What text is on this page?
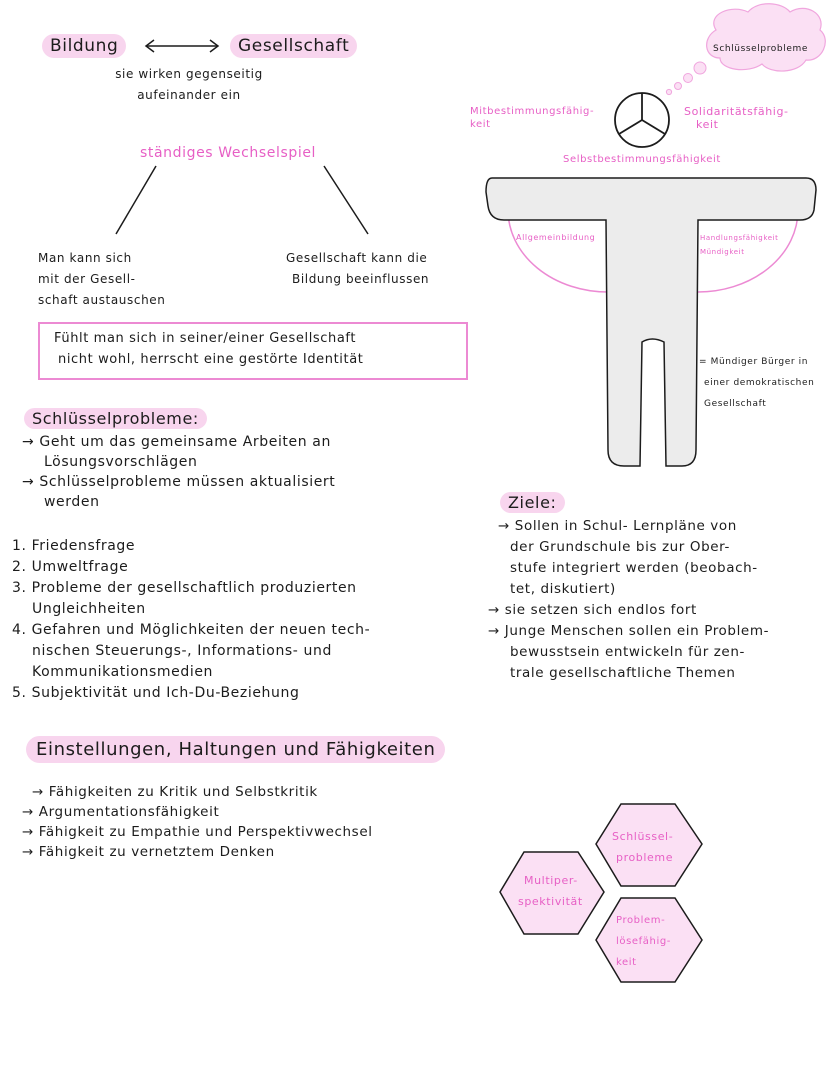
Bildung	Gesellschaft
sie wirken gegenseitig
aufeinander ein
ständiges Wechselspiel
Man kann sich
mit der Gesell-
schaft austauschen
Gesellschaft kann die
Bildung beeinflussen
Fühlt man sich in seiner/einer Gesellschaft
nicht wohl, herrscht eine gestörte Identität
Schlüsselprobleme
Mitbestimmungsfähig-
keit
Solidaritätsfähig-
keit
Selbstbestimmungsfähigkeit
Allgemeinbildung	Handlungsfähigkeit
Mündigkeit
= Mündiger Bürger in
einer demokratischen
Gesellschaft
Schlüsselprobleme:
→ Geht um das gemeinsame Arbeiten an
Lösungsvorschlägen
→ Schlüsselprobleme müssen aktualisiert
werden
1. Friedensfrage
2. Umweltfrage
3. Probleme der gesellschaftlich produzierten
Ungleichheiten
4. Gefahren und Möglichkeiten der neuen tech-
nischen Steuerungs-, Informations- und
Kommunikationsmedien
5. Subjektivität und Ich-Du-Beziehung
Ziele:
→ Sollen in Schul- Lernpläne von
der Grundschule bis zur Ober-
stufe integriert werden (beobach-
tet, diskutiert)
→ sie setzen sich endlos fort
→ Junge Menschen sollen ein Problem-
bewusstsein entwickeln für zen-
trale gesellschaftliche Themen
Einstellungen, Haltungen und Fähigkeiten
→ Fähigkeiten zu Kritik und Selbstkritik
→ Argumentationsfähigkeit
→ Fähigkeit zu Empathie und Perspektivwechsel
→ Fähigkeit zu vernetztem Denken
Schlüssel-
probleme
Multiper-
spektivität
Problem-
lösefähig-
keit
